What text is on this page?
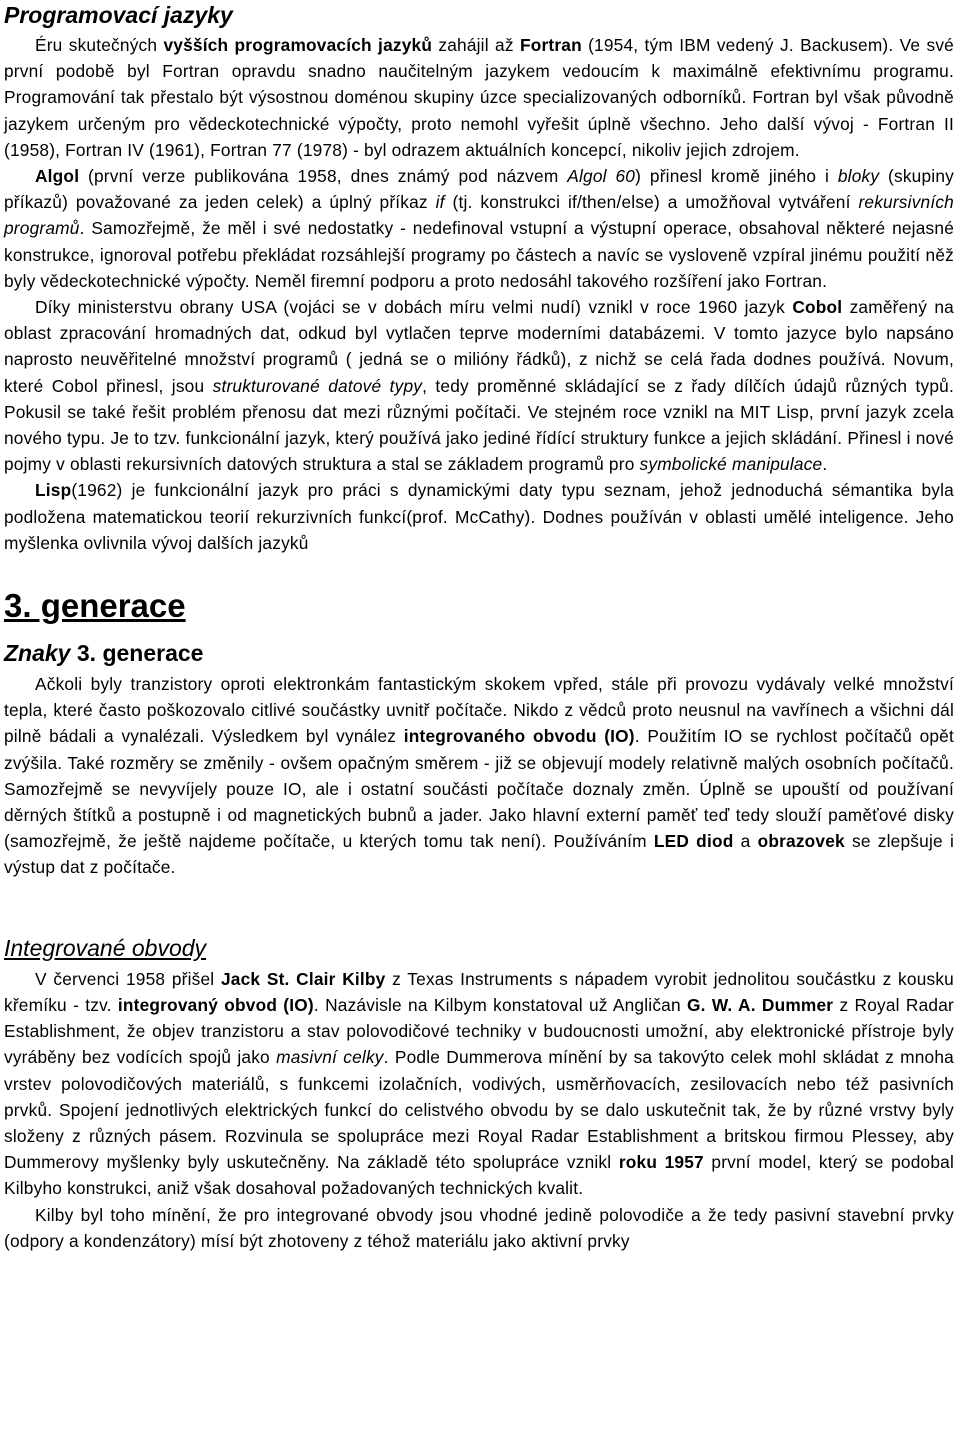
Programovací jazyky

Éru skutečných vyšších programovacích jazyků zahájil až Fortran (1954, tým IBM vedený J. Backusem). Ve své první podobě byl Fortran opravdu snadno naučitelným jazykem vedoucím k maximálně efektivnímu programu. Programování tak přestalo být výsostnou doménou skupiny úzce specializovaných odborníků. Fortran byl však původně jazykem určeným pro vědeckotechnické výpočty, proto nemohl vyřešit úplně všechno. Jeho další vývoj - Fortran II (1958), Fortran IV (1961), Fortran 77 (1978) - byl odrazem aktuálních koncepcí, nikoliv jejich zdrojem.

Algol (první verze publikována 1958, dnes známý pod názvem Algol 60) přinesl kromě jiného i bloky (skupiny příkazů) považované za jeden celek) a úplný příkaz if (tj. konstrukci if/then/else) a umožňoval vytváření rekursivních programů. Samozřejmě, že měl i své nedostatky - nedefinoval vstupní a výstupní operace, obsahoval některé nejasné konstrukce, ignoroval potřebu překládat rozsáhlejší programy po částech a navíc se vysloveně vzpíral jinému použití něž byly vědeckotechnické výpočty. Neměl firemní podporu a proto nedosáhl takového rozšíření jako Fortran.

Díky ministerstvu obrany USA (vojáci se v dobách míru velmi nudí) vznikl v roce 1960 jazyk Cobol zaměřený na oblast zpracování hromadných dat, odkud byl vytlačen teprve moderními databázemi. V tomto jazyce bylo napsáno naprosto neuvěřitelné množství programů ( jedná se o milióny řádků), z nichž se celá řada dodnes používá. Novum, které Cobol přinesl, jsou strukturované datové typy, tedy proměnné skládající se z řady dílčích údajů různých typů. Pokusil se také řešit problém přenosu dat mezi různými počítači. Ve stejném roce vznikl na MIT Lisp, první jazyk zcela nového typu. Je to tzv. funkcionální jazyk, který používá jako jediné řídící struktury funkce a jejich skládání. Přinesl i nové pojmy v oblasti rekursivních datových struktura a stal se základem programů pro symbolické manipulace.

Lisp(1962) je funkcionální jazyk pro práci s dynamickými daty typu seznam, jehož jednoduchá sémantika byla podložena matematickou teorií rekurzivních funkcí(prof. McCathy). Dodnes používán v oblasti umělé inteligence. Jeho myšlenka ovlivnila vývoj dalších jazyků

3. generace
Znaky 3. generace

Ačkoli byly tranzistory oproti elektronkám fantastickým skokem vpřed, stále při provozu vydávaly velké množství tepla, které často poškozovalo citlivé součástky uvnitř počítače. Nikdo z vědců proto neusnul na vavřínech a všichni dál pilně bádali a vynalézali. Výsledkem byl vynález integrovaného obvodu (IO). Použitím IO se rychlost počítačů opět zvýšila. Také rozměry se změnily - ovšem opačným směrem - již se objevují modely relativně malých osobních počítačů. Samozřejmě se nevyvíjely pouze IO, ale i ostatní součásti počítače doznaly změn. Úplně se upouští od používaní děrných štítků a postupně i od magnetických bubnů a jader. Jako hlavní externí paměť teď tedy slouží paměťové disky (samozřejmě, že ještě najdeme počítače, u kterých tomu tak není). Používáním LED diod a obrazovek se zlepšuje i výstup dat z počítače.

Integrované obvody

V červenci 1958 přišel Jack St. Clair Kilby z Texas Instruments s nápadem vyrobit jednolitou součástku z kousku křemíku - tzv. integrovaný obvod (IO). Nazávisle na Kilbym konstatoval už Angličan G. W. A. Dummer z Royal Radar Establishment, že objev tranzistoru a stav polovodičové techniky v budoucnosti umožní, aby elektronické přístroje byly vyráběny bez vodících spojů jako masivní celky. Podle Dummerova mínění by sa takovýto celek mohl skládat z mnoha vrstev polovodičových materiálů, s funkcemi izolačních, vodivých, usměrňovacích, zesilovacích nebo též pasivních prvků. Spojení jednotlivých elektrických funkcí do celistvého obvodu by se dalo uskutečnit tak, že by různé vrstvy byly složeny z různých pásem. Rozvinula se spolupráce mezi Royal Radar Establishment a britskou firmou Plessey, aby Dummerovy myšlenky byly uskutečněny. Na základě této spolupráce vznikl roku 1957 první model, který se podobal Kilbyho konstrukci, aniž však dosahoval požadovaných technických kvalit.

Kilby byl toho mínění, že pro integrované obvody jsou vhodné jedině polovodiče a že tedy pasivní stavební prvky (odpory a kondenzátory) mísí být zhotoveny z téhož materiálu jako aktivní prvky
